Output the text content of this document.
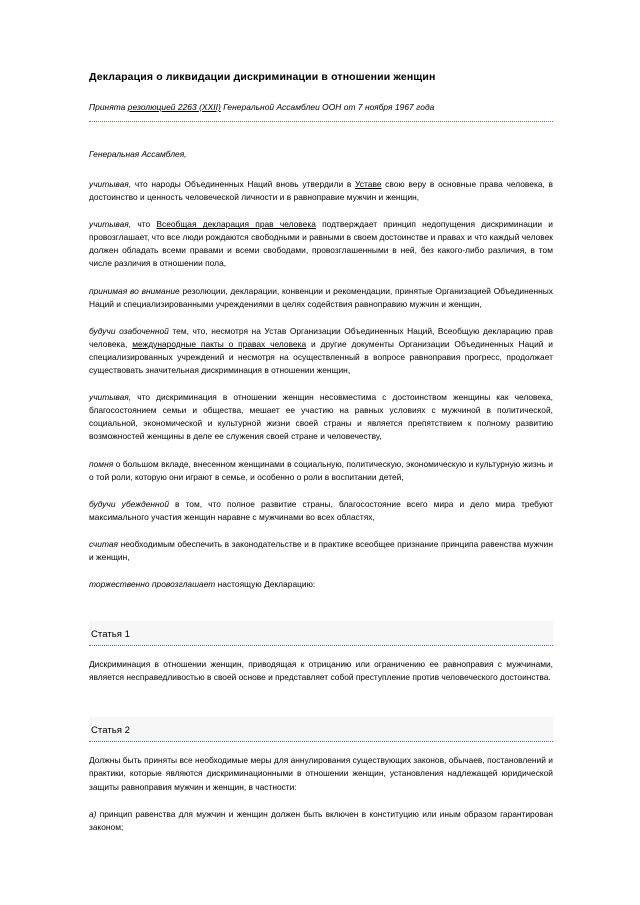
Декларация о ликвидации дискриминации в отношении женщин
Принята резолюцией 2263 (XXII) Генеральной Ассамблеи ООН от 7 ноября 1967 года
Генеральная Ассамблея,

учитывая, что народы Объединенных Наций вновь утвердили в Уставе свою веру в основные права человека, в достоинство и ценность человеческой личности и в равноправие мужчин и женщин,

учитывая, что Всеобщая декларация прав человека подтверждает принцип недопущения дискриминации и провозглашает, что все люди рождаются свободными и равными в своем достоинстве и правах и что каждый человек должен обладать всеми правами и всеми свободами, провозглашенными в ней, без какого-либо различия, в том числе различия в отношении пола,

принимая во внимание резолюции, декларации, конвенции и рекомендации, принятые Организацией Объединенных Наций и специализированными учреждениями в целях содействия равноправию мужчин и женщин,

будучи озабоченной тем, что, несмотря на Устав Организации Объединенных Наций, Всеобщую декларацию прав человека, международные пакты о правах человека и другие документы Организации Объединенных Наций и специализированных учреждений и несмотря на осуществленный в вопросе равноправия прогресс, продолжает существовать значительная дискриминация в отношении женщин,

учитывая, что дискриминация в отношении женщин несовместима с достоинством женщины как человека, благосостоянием семьи и общества, мешает ее участию на равных условиях с мужчиной в политической, социальной, экономической и культурной жизни своей страны и является препятствием к полному развитию возможностей женщины в деле ее служения своей стране и человечеству,

помня о большом вкладе, внесенном женщинами в социальную, политическую, экономическую и культурную жизнь и о той роли, которую они играют в семье, и особенно о роли в воспитании детей,

будучи убежденной в том, что полное развитие страны, благосостояние всего мира и дело мира требуют максимального участия женщин наравне с мужчинами во всех областях,

считая необходимым обеспечить в законодательстве и в практике всеобщее признание принципа равенства мужчин и женщин,

торжественно провозглашает настоящую Декларацию:

Статья 1

Дискриминация в отношении женщин, приводящая к отрицанию или ограничению ее равноправия с мужчинами, является несправедливостью в своей основе и представляет собой преступление против человеческого достоинства.

Статья 2

Должны быть приняты все необходимые меры для аннулирования существующих законов, обычаев, постановлений и практики, которые являются дискриминационными в отношении женщин, установления надлежащей юридической защиты равноправия мужчин и женщин, в частности:

a) принцип равенства для мужчин и женщин должен быть включен в конституцию или иным образом гарантирован законом;
